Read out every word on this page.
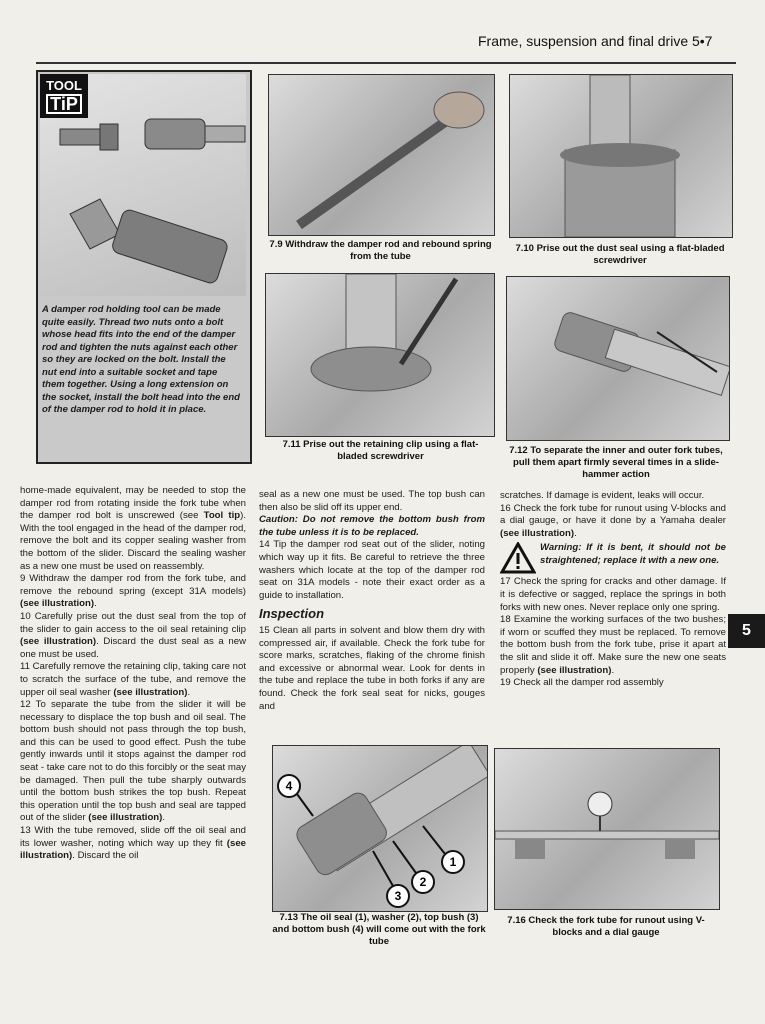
Frame, suspension and final drive 5•7
TOOL
TiP
A damper rod holding tool can be made quite easily. Thread two nuts onto a bolt whose head fits into the end of the damper rod and tighten the nuts against each other so they are locked on the bolt. Install the nut end into a suitable socket and tape them together. Using a long extension on the socket, install the bolt head into the end of the damper rod to hold it in place.
7.9 Withdraw the damper rod and rebound spring from the tube
7.10 Prise out the dust seal using a flat-bladed screwdriver
7.11 Prise out the retaining clip using a flat-bladed screwdriver
7.12 To separate the inner and outer fork tubes, pull them apart firmly several times in a slide-hammer action

home-made equivalent, may be needed to stop the damper rod from rotating inside the fork tube when the damper rod bolt is unscrewed (see Tool tip). With the tool engaged in the head of the damper rod, remove the bolt and its copper sealing washer from the bottom of the slider. Discard the sealing washer as a new one must be used on reassembly.

9 Withdraw the damper rod from the fork tube, and remove the rebound spring (except 31A models) (see illustration).

10 Carefully prise out the dust seal from the top of the slider to gain access to the oil seal retaining clip (see illustration). Discard the dust seal as a new one must be used.

11 Carefully remove the retaining clip, taking care not to scratch the surface of the tube, and remove the upper oil seal washer (see illustration).

12 To separate the tube from the slider it will be necessary to displace the top bush and oil seal. The bottom bush should not pass through the top bush, and this can be used to good effect. Push the tube gently inwards until it stops against the damper rod seat - take care not to do this forcibly or the seat may be damaged. Then pull the tube sharply outwards until the bottom bush strikes the top bush. Repeat this operation until the top bush and seal are tapped out of the slider (see illustration).

13 With the tube removed, slide off the oil seal and its lower washer, noting which way up they fit (see illustration). Discard the oil

seal as a new one must be used. The top bush can then also be slid off its upper end.

Caution: Do not remove the bottom bush from the tube unless it is to be replaced.

14 Tip the damper rod seat out of the slider, noting which way up it fits. Be careful to retrieve the three washers which locate at the top of the damper rod seat on 31A models - note their exact order as a guide to installation.

Inspection

15 Clean all parts in solvent and blow them dry with compressed air, if available. Check the fork tube for score marks, scratches, flaking of the chrome finish and excessive or abnormal wear. Look for dents in the tube and replace the tube in both forks if any are found. Check the fork seal seat for nicks, gouges and

scratches. If damage is evident, leaks will occur.

16 Check the fork tube for runout using V-blocks and a dial gauge, or have it done by a Yamaha dealer (see illustration).

Warning: If it is bent, it should not be straightened; replace it with a new one.

17 Check the spring for cracks and other damage. If it is defective or sagged, replace the springs in both forks with new ones. Never replace only one spring.

18 Examine the working surfaces of the two bushes; if worn or scuffed they must be replaced. To remove the bottom bush from the fork tube, prise it apart at the slit and slide it off. Make sure the new one seats properly (see illustration).

19 Check all the damper rod assembly

5
4
1
2
3
7.13 The oil seal (1), washer (2), top bush (3) and bottom bush (4) will come out with the fork tube
7.16 Check the fork tube for runout using V-blocks and a dial gauge
